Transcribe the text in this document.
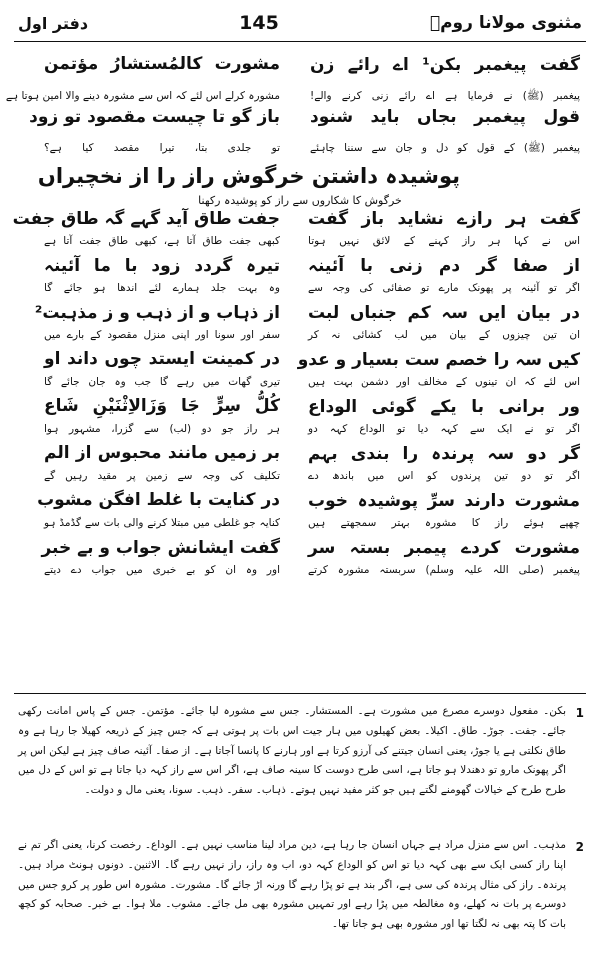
مثنوی مولانا رومؒ
145
دفتر اول
گفت پیغمبر بکن¹ اے رائے زن
مشورت کالمُستشارُ مؤتمن
پیغمبر (ﷺ) نے فرمایا ہے اے رائے زنی کرنے والے!
مشورہ کرلے اس لئے کہ اس سے مشورہ دینے والا امین ہوتا ہے
قول پیغمبر بجاں باید شنود
باز گو تا چیست مقصود تو زود
پیغمبر (ﷺ) کے قول کو دل و جان سے سننا چاہئے
تو جلدی بتا، تیرا مقصد کیا ہے؟
پوشیدہ داشتن خرگوش راز را از نخچیراں
خرگوش کا شکاروں سے راز کو پوشیدہ رکھنا
گفت ہر رازے نشاید باز گفت
جفت طاق آید گہے گہ طاق جفت
اس نے کہا ہر راز کہنے کے لائق نہیں ہوتا
کبھی جفت طاق آتا ہے، کبھی طاق جفت آتا ہے
از صفا گر دم زنی با آئینہ
تیرہ گردد زود با ما آئینہ
اگر تو آئینہ پر پھونک مارے تو صفائی کی وجہ سے
وہ بہت جلد ہمارے لئے اندھا ہو جائے گا
در بیان ایں سہ کم جنباں لبت
از ذہاب و از ذہب و ز مذہبت²
ان تین چیزوں کے بیان میں لب کشائی نہ کر
سفر اور سونا اور اپنی منزل مقصود کے بارے میں
کیں سہ را خصم ست بسیار و عدو
در کمینت ایستد چوں داند او
اس لئے کہ ان تینوں کے مخالف اور دشمن بہت ہیں
تیری گھات میں رہے گا جب وہ جان جائے گا
ور برانی با یکے گوئی الوداع
کُلُّ سِرٍّ جَا وَزَالاِثْنَیْنِ شَاع
اگر تو نے ایک سے کہہ دیا تو الوداع کہہ دو
ہر راز جو دو (لب) سے گزرا، مشہور ہوا
گر دو سہ پرندہ را بندی بہم
بر زمیں مانند محبوس از الم
اگر تو دو تین پرندوں کو اس میں باندھ دے
تکلیف کی وجہ سے زمین پر مقید رہیں گے
مشورت دارند سرِّ پوشیدہ خوب
در کنایت با غلط افگن مشوب
چھپے ہوئے راز کا مشورہ بہتر سمجھتے ہیں
کنایہ جو غلطی میں مبتلا کرنے والی بات سے گڈمڈ ہو
مشورت کردے پیمبر بستہ سر
گفت ایشانش جواب و بے خبر
پیغمبر (صلی اللہ علیہ وسلم) سربستہ مشورہ کرتے
اور وہ ان کو بے خبری میں جواب دے دیتے
1
بکن۔ مفعول دوسرے مصرع میں مشورت ہے۔ المستشار۔ جس سے مشورہ لیا جائے۔ مؤتمن۔ جس کے پاس امانت رکھی جائے۔ جفت۔ جوڑ۔ طاق۔ اکیلا۔ بعض کھیلوں میں ہار جیت اس بات پر ہوتی ہے کہ جس چیز کے ذریعہ کھیلا جا رہا ہے وہ طاق نکلتی ہے یا جوڑ، یعنی انسان جیتنے کی آرزو کرتا ہے اور ہارنے کا پانسا آجاتا ہے۔ از صفا۔ آئینہ صاف چیز ہے لیکن اس پر اگر پھونک مارو تو دھندلا ہو جاتا ہے، اسی طرح دوست کا سینہ صاف ہے، اگر اس سے راز کہہ دیا جاتا ہے تو اس کے دل میں طرح طرح کے خیالات گھومنے لگتے ہیں جو کثر مفید نہیں ہوتے۔ ذہاب۔ سفر۔ ذہب۔ سونا، یعنی مال و دولت۔
2
مذہب۔ اس سے منزل مراد ہے جہاں انسان جا رہا ہے، دین مراد لینا مناسب نہیں ہے۔ الوداع۔ رخصت کرنا، یعنی اگر تم نے اپنا راز کسی ایک سے بھی کہہ دیا تو اس کو الوداع کہہ دو، اب وہ راز، راز نہیں رہے گا۔ الاثنین۔ دونوں ہونٹ مراد ہیں۔ پرندہ۔ راز کی مثال پرندہ کی سی ہے، اگر بند ہے تو پڑا رہے گا ورنہ اڑ جائے گا۔ مشورت۔ مشورہ اس طور پر کرو جس میں دوسرے پر بات نہ کھلے، وہ مغالطہ میں پڑا رہے اور تمہیں مشورہ بھی مل جائے۔ مشوب۔ ملا ہوا۔ بے خبر۔ صحابہ کو کچھ بات کا پتہ بھی نہ لگتا تھا اور مشورہ بھی ہو جاتا تھا۔
